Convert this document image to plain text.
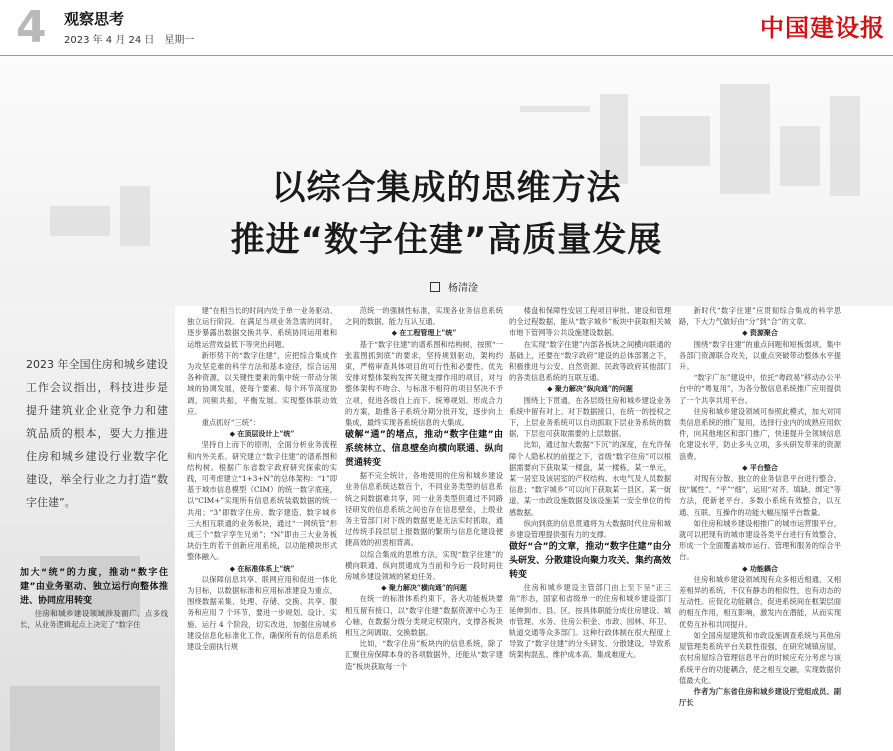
4 观察思考
2023 年 4 月 24 日　星期一	中国建设报
以综合集成的思维方法
推进“数字住建”高质量发展
杨清淦
2023 年全国住房和城乡建设工作会议指出，科技进步是提升建筑业企业竞争力和建筑品质的根本，要大力推进住房和城乡建设行业数字化建设，举全行业之力打造“数字住建”。

加大“统”的力度，推动“数字住建”由业务驱动、独立运行向整体推进、协同应用转变

住房和城乡建设领域涉及面广、点多线长，从业务逻辑起点上决定了“数字住

建”在相当长的时间内处于单一业务驱动、独立运行阶段。在满足当项业务急需的同时，逐步暴露出数据交换共享、系统协同运用难和运维运营效益低下等突出问题。

新形势下的“数字住建”，应把综合集成作为攻坚克难的科学方法和基本途径，综合运用各种资源，以关键性要素的集中统一带动分领域的协调发展，使每个要素、每个环节高度协调，同频共振，平衡发展。实现整体联动效应。

重点抓好“三统”：

◆ 在顶层设计上“统”

坚持自上而下的原则，全面分析业务流程和内外关系。研究建立“数字住建”的谱系图和结构树。根据广东省数字政府研究探索的实践，可考虑建立“1+3+N”的总体架构：“1”即基于城市信息模型（CIM）的统一数字底座，以“CIM+”实现所有信息系统装载数据的统一共用；“3”即数字住房、数字建造、数字城乡三大相互联通的业务板块，通过“一网统管”形成三个“数字孪生兄弟”；“N”即由三大业务板块衍生的若干创新应用系统，以功能模块形式整体融入。

◆ 在标准体系上“统”

以保障信息共享、联网应用和促进一体化为目标，以数据标准和应用标准建设为重点，围绕数据采集、处理、存储、交换、共享、服务和应用 7 个环节，要进一步规划、设计、实施、运行 4 个阶段，切实改进，加强住房城乡建设信息化标准化工作，确保所有的信息系统建设全面执行规

范统一的强制性标准，实现各业务信息系统之间的数据，能力互认互通。

◆ 在工程管理上“统”

基于“数字住建”的谱系图和结构树，按照“一张蓝图抓到底”的要求，坚持规划驱动，架构约束，严格审查具体项目的可行性和必要性。优先安排对整体架构发挥关键支撑作用的项目，对与整体架构不吻合、与标准不相符的项目坚决不予立项，促进各级自上而下、统筹规划、形成合力的方案，助推各子系统分期分批开发，逐步向上集成，最终实现各系统信息的大集成。

破解“通”的堵点，推动“数字住建”由系统林立、信息壁垒向横向联通、纵向贯通转变

据不完全统计，各地使用的住房和城乡建设业务信息系统达数百个，不同业务类型的信息系统之间数据难共享，同一业务类型但通过不同路径研发的信息系统之间也存在信息壁垒，上级业务主管部门对下级的数据更是无法实时抓取，通过传统手段层层上报数据的繁琐与信息化建设便捷高效的初衷相背离。

以综合集成的思维方法，实现“数字住建”的横向联通、纵向贯通成为当前和今后一段时间住房城乡建设领域的紧迫任务。

◆ 聚力解决“横向通”的问题

在统一的标准体系约束下，各大功能板块要相互留有接口，以“数字住建”数据资源中心为王心轴，在数据分级分类规定权限内，支撑各板块相互之间调取、交换数据。

比如，“数字住房”板块内的信息系统，除了汇聚住房保障本身的各项数据外，还能从“数字建造”板块获取每一个

楼盘和保障性安居工程项目审批、建设和管理的全过程数据，能从“数字城乡”板块中获取相关城市地下管网等公共设施建设数据。

在实现“数字住建”内部各板块之间横向联通的基础上，还要在“数字政府”建设的总体部署之下，积极推进与公安、自然资源、民政等政府其他部门的各类信息系统的互联互通。

◆ 聚力解决“纵向通”的问题

围绕上下贯通，在各层级住房和城乡建设业务系统中留有对上、对下数据接口，在统一的授权之下，上层业务系统可以自动抓取下层业务系统的数据，下层也可获取需要的上层数据。

比如，通过加大数据“下沉”的深度，在允许保障个人隐私权的前提之下，省级“数字住房”可以根据需要向下获取某一楼盘，某一楼栋，某一单元，某一居室及该居室的产权结构、水电气及人员数据信息；“数字城乡”可以向下获取某一县区、某一街道、某一市政设施数据及该设施某一安全单位的传感数据。

纵向到底的信息贯通将为大数据时代住房和城乡建设管理提供强有力的支撑。

做好“合”的文章，推动“数字住建”由分头研发、分散建设向聚力攻关、集约高效转变

住房和城乡建设主管部门由上至下呈“正三角”形态，国家和省级单一的住房和城乡建设部门延伸到市、县、区，按具体职能分成住房建设、城市管理、水务、住房公积金、市政、园林、环卫、轨道交通等众多部门。这种行政体制在很大程度上导致了“数字住建”的分头研发、分散建设，导致系统架构混乱、维护成本高、集成难度大。

新时代“数字住建”应贯彻综合集成的科学思路，下大力气做好由“分”到“合”的文章。

◆ 资源聚合

围绕“数字住建”的重点问题和短板弱项，集中各部门资源联合攻关，以重点突破带动整体水平提升。

“数字广东”建设中，依托“粤政易”移动办公平台中的“粤复用”，为各分散信息系统推广应用提供了一个共享共用平台。

住房和城乡建设领域可参照此模式，加大对同类信息系统的推广复用，选择行业内的成熟应用软件，向其他地区和部门推广，快速提升全领域信息化建设水平，防止多头立项，多头研发带来的资源浪费。

◆ 平台整合

对现有分散、独立的业务信息平台进行整合，按“属性”、“平”“细”，运用“对齐、填缺、绑定”等方法，使新老平台、多数小系统有效整合，以互通、互联、互操作的功能大幅压缩平台数量。

如住房和城乡建设相推广的城市运营服平台，就可以把现有的城市建设各类平台进行有效整合，形成一个全面覆盖城市运行、管理和服务的综合平台。

◆ 功能耦合

住房和城乡建设领域现有众多相近相通、又相差相异的系统，不仅有静态的相似性，也有动态的互动性。应促化功能耦合，促进系统间在框架层面的相互作用，相互影响，激发内在潜能，从而实现优势互补和共同提升。

如全国房屋建筑和市政设施调查系统与其他房屋管理类系统平台关联性很强，在研究城镇房屋，农村房屋综合管理信息平台的时候应充分考虑与该系统平台的功能耦合，使之相互交融，实现数据价值最大化。

作者为广东省住房和城乡建设厅党组成员、副厅长
